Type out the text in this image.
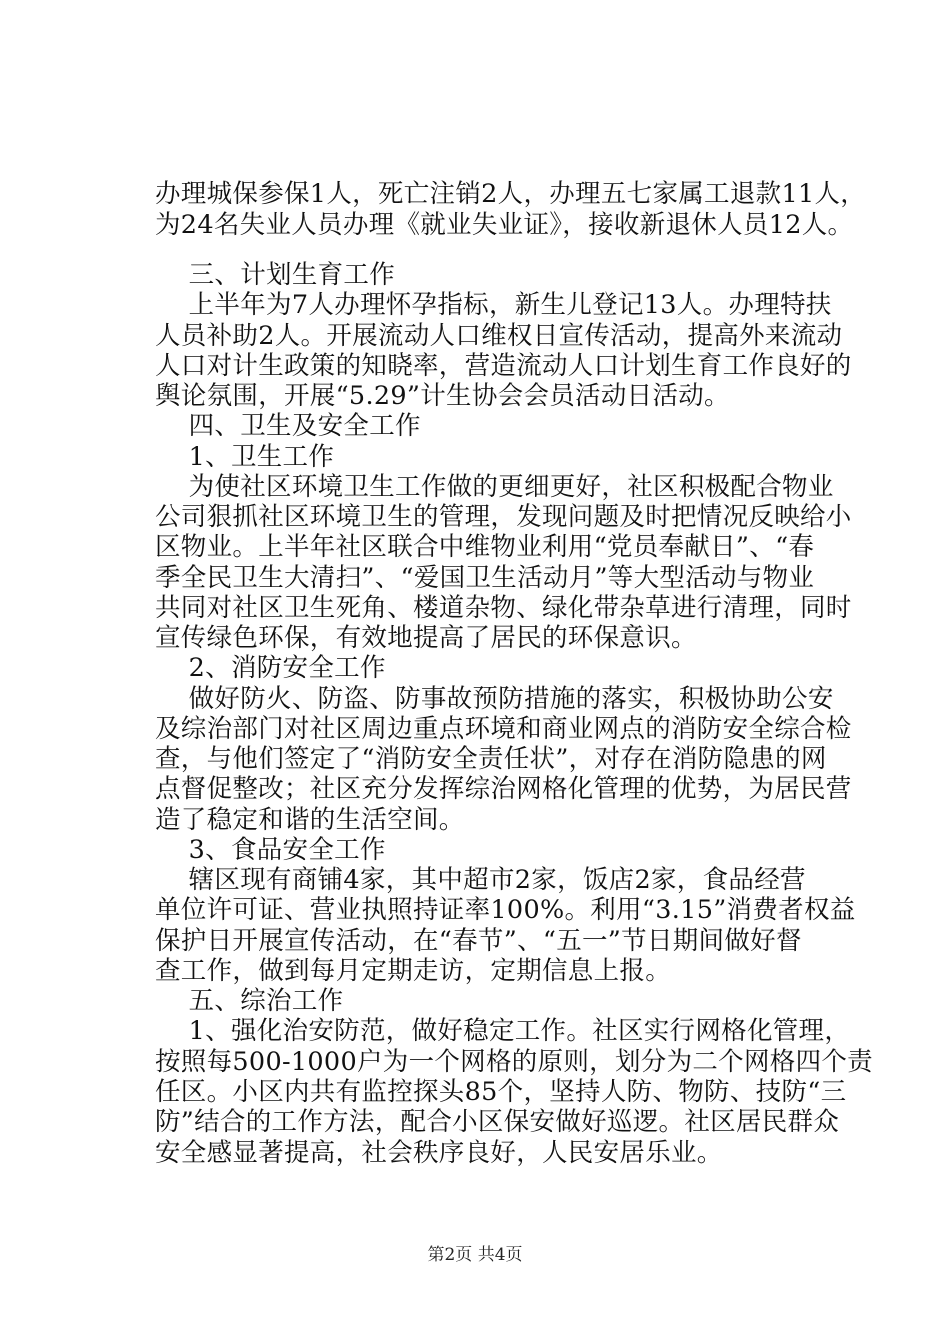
办理城保参保1人，死亡注销2人，办理五七家属工退款11人，
为24名失业人员办理《就业失业证》，接收新退休人员12人。
三、计划生育工作
上半年为7人办理怀孕指标，新生儿登记13人。办理特扶
人员补助2人。开展流动人口维权日宣传活动，提高外来流动
人口对计生政策的知晓率，营造流动人口计划生育工作良好的
舆论氛围，开展“5.29”计生协会会员活动日活动。
四、卫生及安全工作
1、卫生工作
为使社区环境卫生工作做的更细更好，社区积极配合物业
公司狠抓社区环境卫生的管理，发现问题及时把情况反映给小
区物业。上半年社区联合中维物业利用“党员奉献日”、“春
季全民卫生大清扫”、“爱国卫生活动月”等大型活动与物业
共同对社区卫生死角、楼道杂物、绿化带杂草进行清理，同时
宣传绿色环保，有效地提高了居民的环保意识。
2、消防安全工作
做好防火、防盗、防事故预防措施的落实，积极协助公安
及综治部门对社区周边重点环境和商业网点的消防安全综合检
查，与他们签定了“消防安全责任状”，对存在消防隐患的网
点督促整改；社区充分发挥综治网格化管理的优势，为居民营
造了稳定和谐的生活空间。
3、食品安全工作
辖区现有商铺4家，其中超市2家，饭店2家，食品经营
单位许可证、营业执照持证率100%。利用“3.15”消费者权益
保护日开展宣传活动，在“春节”、“五一”节日期间做好督
查工作，做到每月定期走访，定期信息上报。
五、综治工作
1、强化治安防范，做好稳定工作。社区实行网格化管理，
按照每500-1000户为一个网格的原则，划分为二个网格四个责
任区。小区内共有监控探头85个，坚持人防、物防、技防“三
防”结合的工作方法，配合小区保安做好巡逻。社区居民群众
安全感显著提高，社会秩序良好，人民安居乐业。
第2页 共4页
